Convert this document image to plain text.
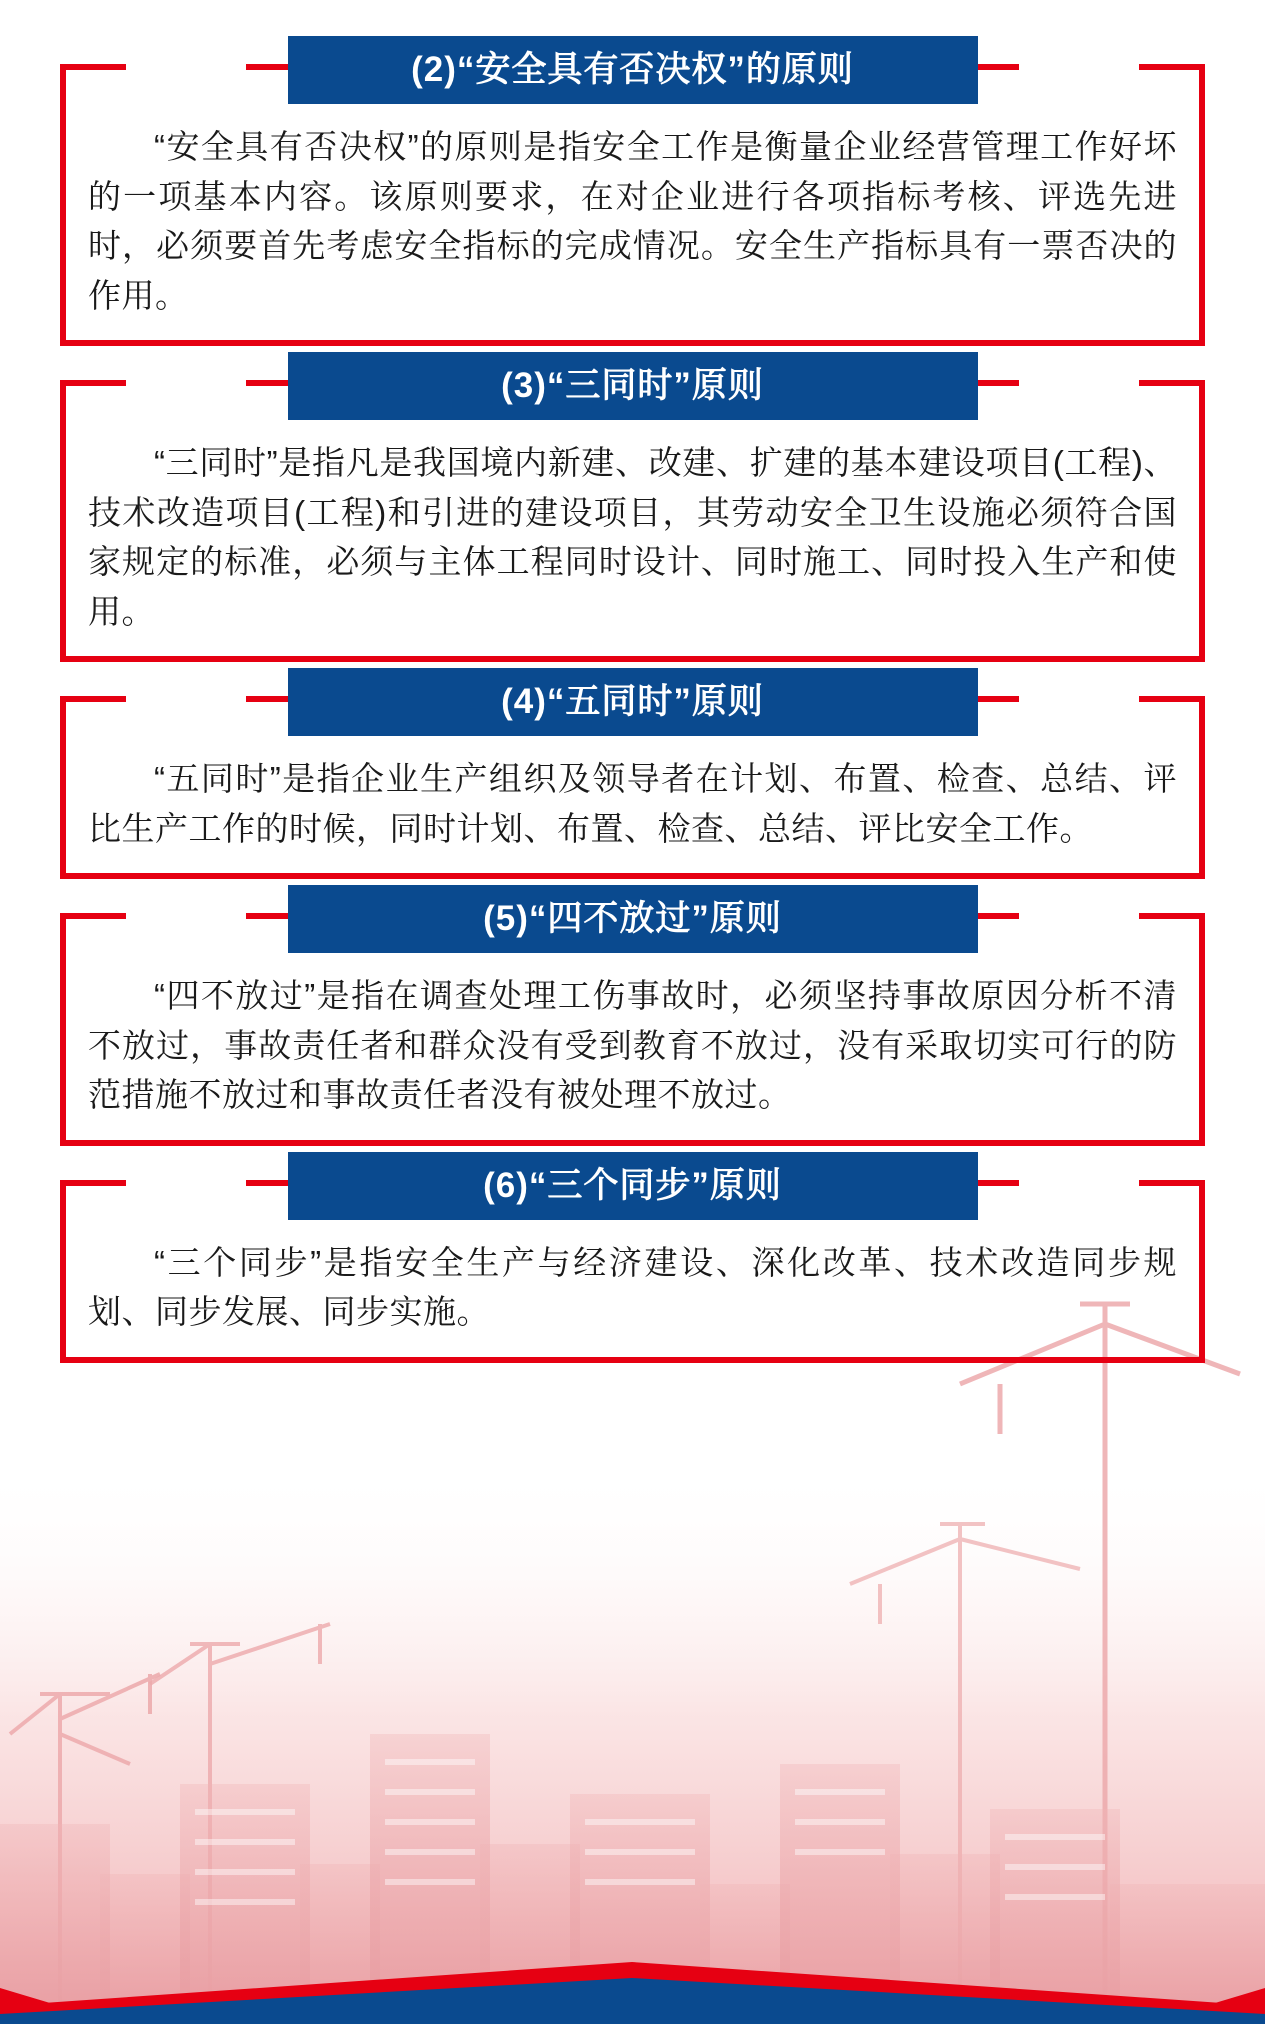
(2)“安全具有否决权”的原则

“安全具有否决权”的原则是指安全工作是衡量企业经营管理工作好坏的一项基本内容。该原则要求，在对企业进行各项指标考核、评选先进时，必须要首先考虑安全指标的完成情况。安全生产指标具有一票否决的作用。

(3)“三同时”原则

“三同时”是指凡是我国境内新建、改建、扩建的基本建设项目(工程)、技术改造项目(工程)和引进的建设项目，其劳动安全卫生设施必须符合国家规定的标准，必须与主体工程同时设计、同时施工、同时投入生产和使用。

(4)“五同时”原则

“五同时”是指企业生产组织及领导者在计划、布置、检查、总结、评比生产工作的时候，同时计划、布置、检查、总结、评比安全工作。

(5)“四不放过”原则

“四不放过”是指在调查处理工伤事故时，必须坚持事故原因分析不清不放过，事故责任者和群众没有受到教育不放过，没有采取切实可行的防范措施不放过和事故责任者没有被处理不放过。

(6)“三个同步”原则

“三个同步”是指安全生产与经济建设、深化改革、技术改造同步规划、同步发展、同步实施。
